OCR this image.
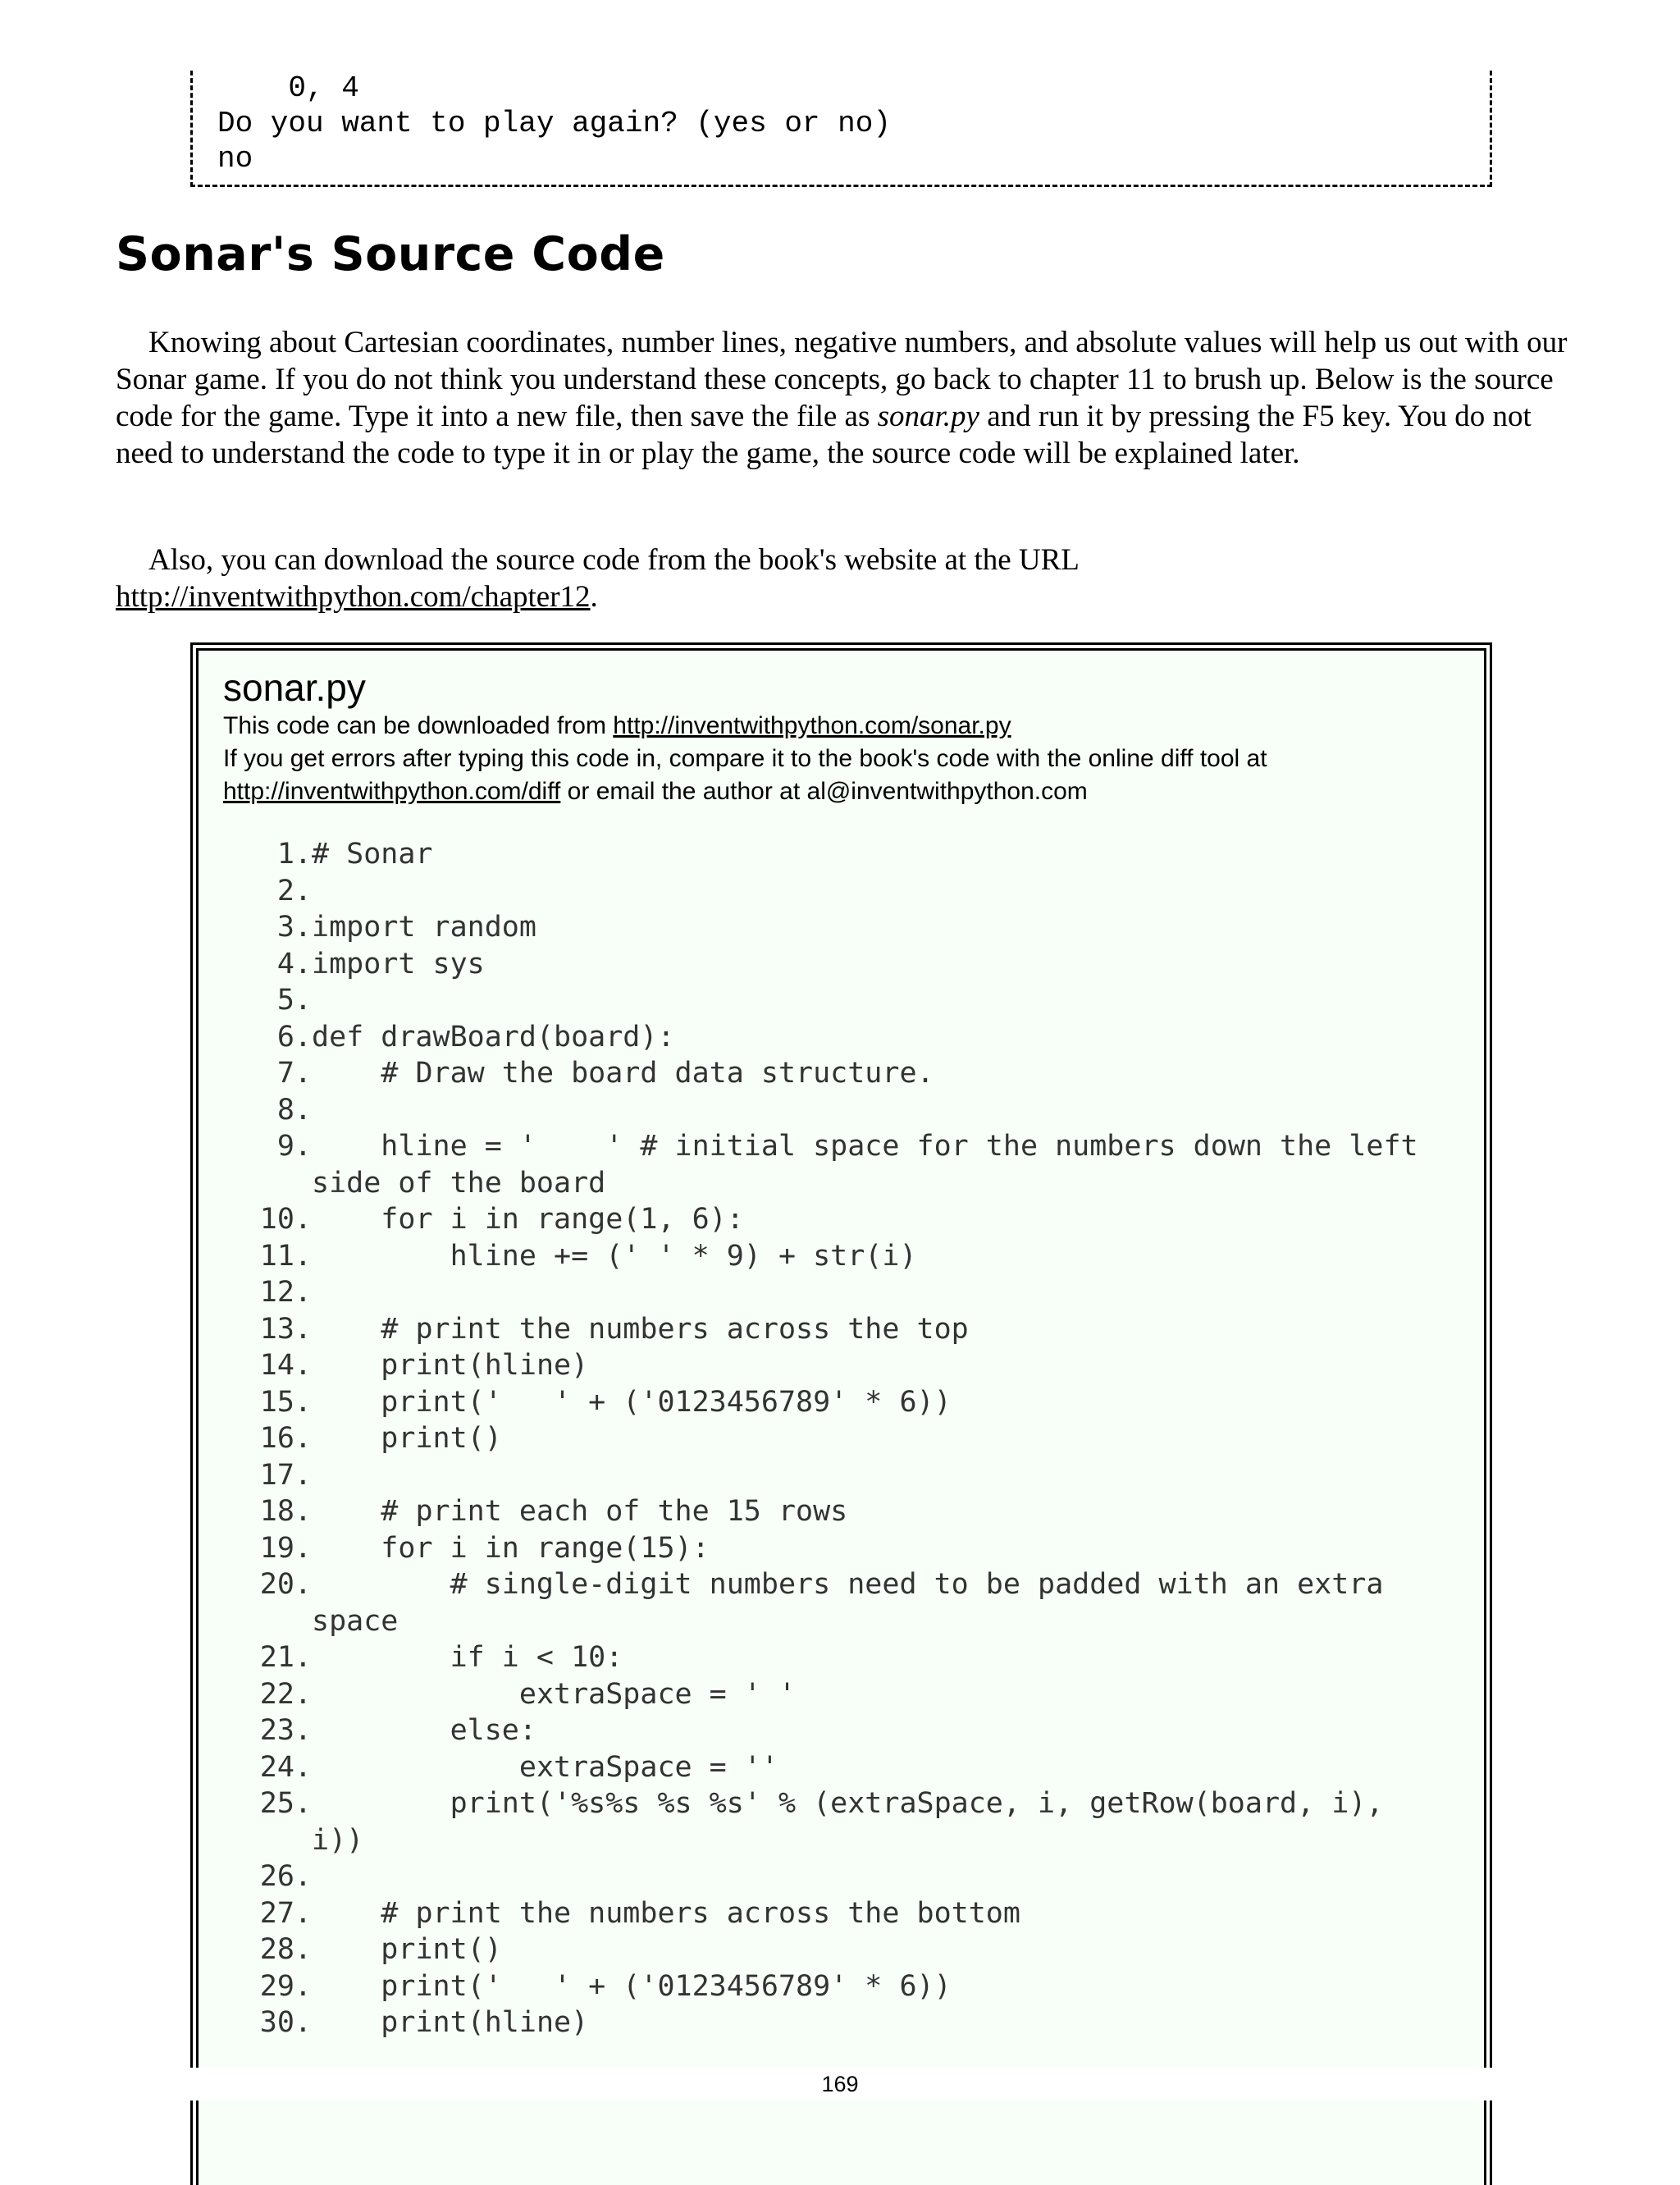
0, 4
Do you want to play again? (yes or no)
no
Sonar's Source Code

Knowing about Cartesian coordinates, number lines, negative numbers, and absolute values will help us out with our Sonar game. If you do not think you understand these concepts, go back to chapter 11 to brush up. Below is the source code for the game. Type it into a new file, then save the file as sonar.py and run it by pressing the F5 key. You do not need to understand the code to type it in or play the game, the source code will be explained later.

Also, you can download the source code from the book's website at the URL http://inventwithpython.com/chapter12.

sonar.py
This code can be downloaded from http://inventwithpython.com/sonar.py
If you get errors after typing this code in, compare it to the book's code with the online diff tool at http://inventwithpython.com/diff or email the author at al@inventwithpython.com
1. # Sonar
2.
3. import random
4. import sys
5.
6. def drawBoard(board):
7. # Draw the board data structure.
8.
9. hline = '    ' # initial space for the numbers down the left side of the board
10. for i in range(1, 6):
11. hline += (' ' * 9) + str(i)
12.
13. # print the numbers across the top
14. print(hline)
15. print('   ' + ('0123456789' * 6))
16. print()
17.
18. # print each of the 15 rows
19. for i in range(15):
20. # single-digit numbers need to be padded with an extra space
21. if i < 10:
22. extraSpace = ' '
23. else:
24. extraSpace = ''
25. print('%s%s %s %s' % (extraSpace, i, getRow(board, i), i))
26.
27. # print the numbers across the bottom
28. print()
29. print('   ' + ('0123456789' * 6))
30. print(hline)
169
